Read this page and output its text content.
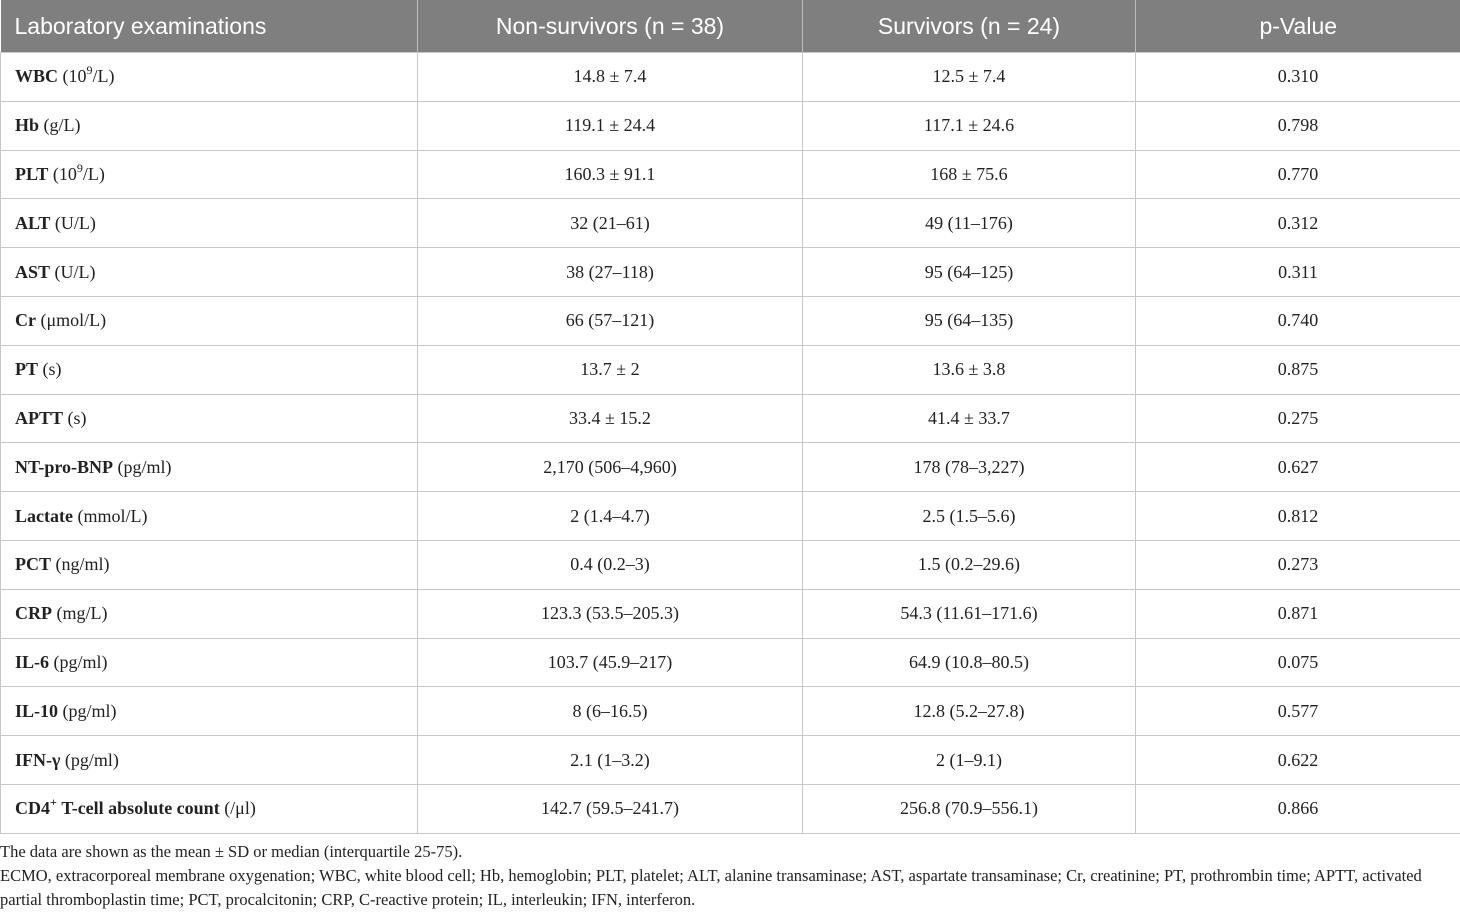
Laboratory examinations	Non-survivors (n = 38)	Survivors (n = 24)	p-Value
WBC $(10^9/L)$	14.8 ± 7.4	12.5 ± 7.4	0.310
Hb (g/L)	119.1 ± 24.4	117.1 ± 24.6	0.798
PLT $(10^9/L)$	160.3 ± 91.1	168 ± 75.6	0.770
ALT (U/L)	32 (21–61)	49 (11–176)	0.312
AST (U/L)	38 (27–118)	95 (64–125)	0.311
Cr (μmol/L)	66 (57–121)	95 (64–135)	0.740
PT (s)	13.7 ± 2	13.6 ± 3.8	0.875
APTT (s)	33.4 ± 15.2	41.4 ± 33.7	0.275
NT-pro-BNP (pg/ml)	2,170 (506–4,960)	178 (78–3,227)	0.627
Lactate (mmol/L)	2 (1.4–4.7)	2.5 (1.5–5.6)	0.812
PCT (ng/ml)	0.4 (0.2–3)	1.5 (0.2–29.6)	0.273
CRP (mg/L)	123.3 (53.5–205.3)	54.3 (11.61–171.6)	0.871
IL-6 (pg/ml)	103.7 (45.9–217)	64.9 (10.8–80.5)	0.075
IL-10 (pg/ml)	8 (6–16.5)	12.8 (5.2–27.8)	0.577
IFN-γ (pg/ml)	2.1 (1–3.2)	2 (1–9.1)	0.622
CD4+ T-cell absolute count (/μl)	142.7 (59.5–241.7)	256.8 (70.9–556.1)	0.866

The data are shown as the mean ± SD or median (interquartile 25-75).

ECMO, extracorporeal membrane oxygenation; WBC, white blood cell; Hb, hemoglobin; PLT, platelet; ALT, alanine transaminase; AST, aspartate transaminase; Cr, creatinine; PT, prothrombin time; APTT, activated partial thromboplastin time; PCT, procalcitonin; CRP, C-reactive protein; IL, interleukin; IFN, interferon.
